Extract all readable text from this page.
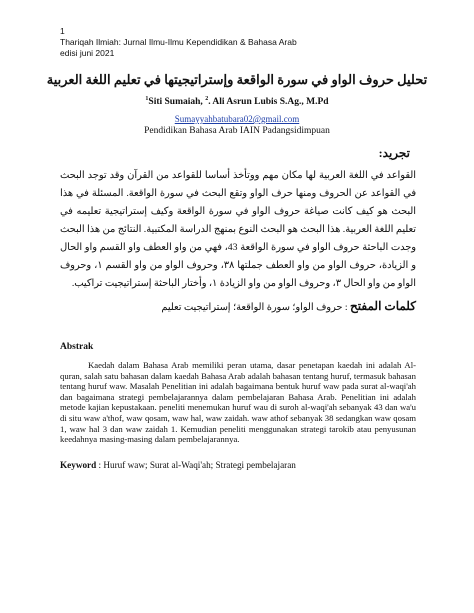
1
Thariqah Ilmiah: Jurnal Ilmu-Ilmu Kependidikan & Bahasa Arab
edisi juni 2021
تحليل حروف الواو في سورة الواقعة وإستراتيجيتها في تعليم اللغة العربية
$^1$Siti Sumaiah, $^2$. Ali Asrun Lubis S.Ag., M.Pd
Sumayyahbatubara02@gmail.com
Pendidikan Bahasa Arab IAIN Padangsidimpuan
تجريد:
القواعد في اللغة العربية لها مكان مهم ووتأخذ أساسا للقواعد من القرآن وقد توجد البحث في القواعد عن الحروف ومنها حرف الواو وتقع البحث في سورة الواقعة. المسئلة في هذا البحث هو كيف كانت صياغة حروف الواو في سورة الواقعة وكيف إستراتيجية تعليمه في تعليم اللغة العربية. هذا البحث هو البحث النوع بمنهج الدراسة المكتبية. النتائج من هذا البحث وجدت الباحثة حروف الواو في سورة الواقعة 43، فهي من واو العطف واو القسم واو الحال و الزيادة، حروف الواو من واو العطف جملتها ٣٨، وحروف الواو من واو القسم ١، وحروف الواو من واو الحال ٣، وحروف الواو من واو الزيادة ١، وأختار الباحثة إستراتيجيت تراكيب.
كلمات المفتح : حروف الواو؛ سورة الواقعة؛ إستراتيجيت تعليم
Abstrak
Kaedah dalam Bahasa Arab memiliki peran utama, dasar penetapan kaedah ini adalah Al-quran, salah satu bahasan dalam kaedah Bahasa Arab adalah bahasan tentang huruf, termasuk bahasan tentang huruf waw. Masalah Penelitian ini adalah bagaimana bentuk huruf waw pada surat al-waqi'ah dan bagaimana strategi pembelajarannya dalam pembelajaran Bahasa Arab. Penelitian ini adalah metode kajian kepustakaan. peneliti menemukan huruf wau di suroh al-waqi'ah sebanyak 43 dan wa'u di situ waw a'thof, waw qosam, waw hal, waw zaidah. waw athof sebanyak 38 sedangkan waw qosam 1, waw hal 3 dan waw zaidah 1. Kemudian peneliti menggunakan strategi tarokib atau penyusunan keedahnya masing-masing dalam pembelajarannya.
Keyword : Huruf waw; Surat al-Waqi'ah; Strategi pembelajaran
